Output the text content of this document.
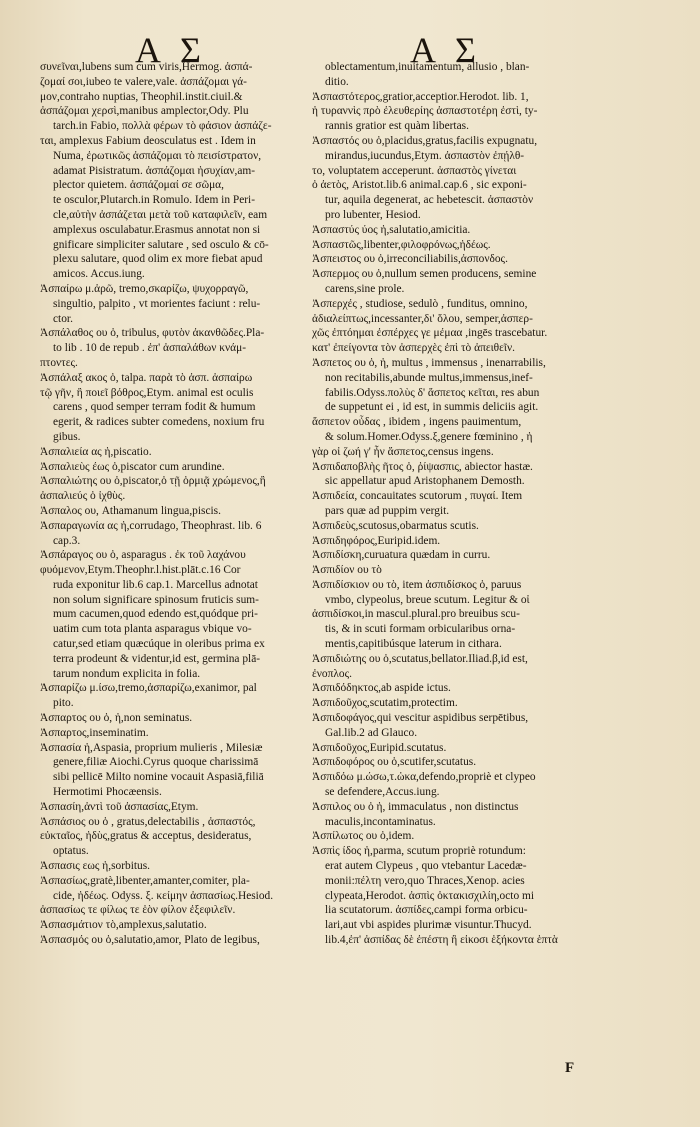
Α Σ	Α Σ
συνεῖναι,lubens sum cum viris,Hermog. ἀσπά-
ζομαί σοι,iubeo te valere,vale. ἀσπάζομαι γά-
μον,contraho nuptias, Theophil.instit.ciuil.&
ἀσπάζομαι χερσὶ,manibus amplector,Ody. Plu
tarch.in Fabio, πολλὰ φέρων τὸ φάσιον ἀσπάζε-
ται, amplexus Fabium deosculatus est . Idem in
Numa, ἐρωτικῶς ἀσπάζομαι τὸ πεισίστρατον,
adamat Pisistratum. ἀσπάζομαι ἡσυχίαν,am-
plector quietem. ἀσπάζομαί σε σῶμα,
te osculor,Plutarch.in Romulo. Idem in Peri-
cle,αὐτὴν ἀσπάζεται μετὰ τοῦ καταφιλεῖν, eam
amplexus osculabatur.Erasmus annotat non si
gnificare simpliciter salutare , sed osculo & cō-
plexu salutare, quod olim ex more fiebat apud
amicos. Accus.iung.
Ἀσπαίρω μ.ἀρῶ, tremo,σκαρίζω, ψυχορραγῶ,
singultio, palpito , vt morientes faciunt : relu-
ctor.
Ἀσπάλαθος ου ὁ, tribulus, φυτὸν ἀκανθῶδες.Pla-
to lib . 10 de repub . ἐπ' ἀσπαλάθων κνάμ-
πτοντες.
Ἀσπάλαξ ακος ὁ, talpa. παρὰ τὸ ἀσπ. ἀσπαίρω
τῷ γῆν, ἢ ποιεῖ βόθρος,Etym. animal est oculis
carens , quod semper terram fodit & humum
egerit, & radices subter comedens, noxium fru
gibus.
Ἀσπαλιεία ας ἡ,piscatio.
Ἀσπαλιεὺς έως ὁ,piscator cum arundine.
Ἀσπαλιώτης ου ὁ,piscator,ὁ τῇ ὁρμιᾷ χρώμενος,ἢ
ἀσπαλιεύς ὁ ἰχθὺς.
Ἀσπαλος ου, Athamanum lingua,piscis.
Ἀσπαραγωνία ας ἡ,corrudago, Theophrast. lib. 6
cap.3.
Ἀσπάραγος ου ὁ, asparagus . ἐκ τοῦ λαχάνου
φυόμενον,Etym.Theophr.l.hist.plāt.c.16 Cor
ruda exponitur lib.6 cap.1. Marcellus adnotat
non solum significare spinosum fruticis sum-
mum cacumen,quod edendo est,quódque pri-
uatim cum tota planta asparagus vbique vo-
catur,sed etiam quæcúque in oleribus prima ex
terra prodeunt & videntur,id est, germina plā-
tarum nondum explicita in folia.
Ἀσπαρίζω μ.ίσω,tremo,ἀσπαρίζω,exanimor, pal
pito.
Ἀσπαρτος ου ὁ, ἡ,non seminatus.
Ἀσπαρτος,inseminatim.
Ἀσπασία ἡ,Aspasia, proprium mulieris , Milesiæ
genere,filiæ Aiochi.Cyrus quoque charissimā
sibi pellicē Milto nomine vocauit Aspasiā,filiā
Hermotimi Phocæensis.
Ἀσπασίη,ἀντὶ τοῦ ἀσπασίας,Etym.
Ἀσπάσιος ου ὁ , gratus,delectabilis , ἀσπαστός,
εὐκταῖος, ἡδὺς,gratus & acceptus, desideratus,
optatus.
Ἀσπασις εως ἡ,sorbitus.
Ἀσπασίως,gratè,libenter,amanter,comiter, pla-
cide, ἡδέως. Odyss. ξ. κείμην ἀσπασίως.Hesiod.
ἀσπασίως τε φίλως τε ἑὸν φίλον ἐξεφιλεῖν.
Ἀσπασμάτιον τὸ,amplexus,salutatio.
Ἀσπασμός ου ὁ,salutatio,amor, Plato de legibus,
oblectamentum,inuitamentum, allusio , blan-
ditio.
Ἀσπαστότερος,gratior,acceptior.Herodot. lib. 1,
ἡ τυραννὶς πρὸ ἐλευθερίης ἀσπαστοτέρη ἐστὶ, ty-
rannis gratior est quàm libertas.
Ἀσπαστός ου ὁ,placidus,gratus,facilis expugnatu,
mirandus,iucundus,Etym. ἀσπαστὸν ἐπῄλθ-
το, voluptatem acceperunt. ἀσπαστὸς γίνεται
ὁ ἀετὸς, Aristot.lib.6 animal.cap.6 , sic exponi-
tur, aquila degenerat, ac hebetescit. ἀσπαστὸν
pro lubenter, Hesiod.
Ἀσπαστύς ύος ἡ,salutatio,amicitia.
Ἀσπαστῶς,libenter,φιλοφρόνως,ἡδέως.
Ἀσπειστος ου ὁ,irreconciliabilis,ἀσπονδος.
Ἀσπερμος ου ὁ,nullum semen producens, semine
carens,sine prole.
Ἀσπερχές , studiose, sedulò , funditus, omnino,
ἀδιαλείπτως,incessanter,δι' ὅλου, semper,ἀσπερ-
χῶς ἐπτόημαι ἐσπέρχες γε μέμαα ,ingēs trascebatur.
κατ' ἐπείγοντα τὸν ἀσπερχὲς ἐπὶ τὸ ἀπειθεῖν.
Ἀσπετος ου ὁ, ἡ, multus , immensus , inenarrabilis,
non recitabilis,abunde multus,immensus,inef-
fabilis.Odyss.πολὺς δ' ἄσπετος κεῖται, res abun
de suppetunt ei , id est, in summis deliciis agit.
ἄσπετον οὖδας , ibidem , ingens pauimentum,
& solum.Homer.Odyss.ξ,genere fœminino , ἡ
γὰρ οἱ ζωή γ' ἦν ἄσπετος,census ingens.
Ἀσπιδαποβλὴς ῆτος ὁ, ῥίψασπις, abiector hastæ.
sic appellatur apud Aristophanem Demosth.
Ἀσπιδεία, concauitates scutorum , πυγαί. Item
pars quæ ad puppim vergit.
Ἀσπιδεὺς,scutosus,obarmatus scutis.
Ἀσπιδηφόρος,Euripid.idem.
Ἀσπιδίσκη,curuatura quædam in curru.
Ἀσπιδίον ου τὸ
Ἀσπιδίσκιον ου τὸ, item ἀσπιδίσκος ὁ, paruus
vmbo, clypeolus, breue scutum. Legitur & οἱ
ἀσπιδίσκοι,in mascul.plural.pro breuibus scu-
tis, & in scuti formam orbicularibus orna-
mentis,capitibúsque laterum in cithara.
Ἀσπιδιώτης ου ὁ,scutatus,bellator.Iliad.β,id est,
ἐνοπλος.
Ἀσπιδόδηκτος,ab aspide ictus.
Ἀσπιδοῦχος,scutatim,protectim.
Ἀσπιδοφάγος,qui vescitur aspidibus serpētibus,
Gal.lib.2 ad Glauco.
Ἀσπιδοῦχος,Euripid.scutatus.
Ἀσπιδοφόρος ου ὁ,scutifer,scutatus.
Ἀσπιδόω μ.ώσω,τ.ὠκα,defendo,propriè et clypeo
se defendere,Accus.iung.
Ἀσπιλος ου ὁ ἡ, immaculatus , non distinctus
maculis,incontaminatus.
Ἀσπίλωτος ου ὁ,idem.
Ἀσπὶς ίδος ἡ,parma, scutum propriè rotundum:
erat autem Clypeus , quo vtebantur Lacedæ-
monii:πέλτη vero,quo Thraces,Xenop. acies
clypeata,Herodot. ἀσπὶς ὀκτακισχιλίη,octo mi
lia scutatorum. ἀσπίδες,campi forma orbicu-
lari,aut vbi aspides plurimæ visuntur.Thucyd.
lib.4,ἐπ' ἀσπίδας δὲ ἐπέστη ἢ εἰκοσι ἑξήκοντα ἑπτὰ
F
